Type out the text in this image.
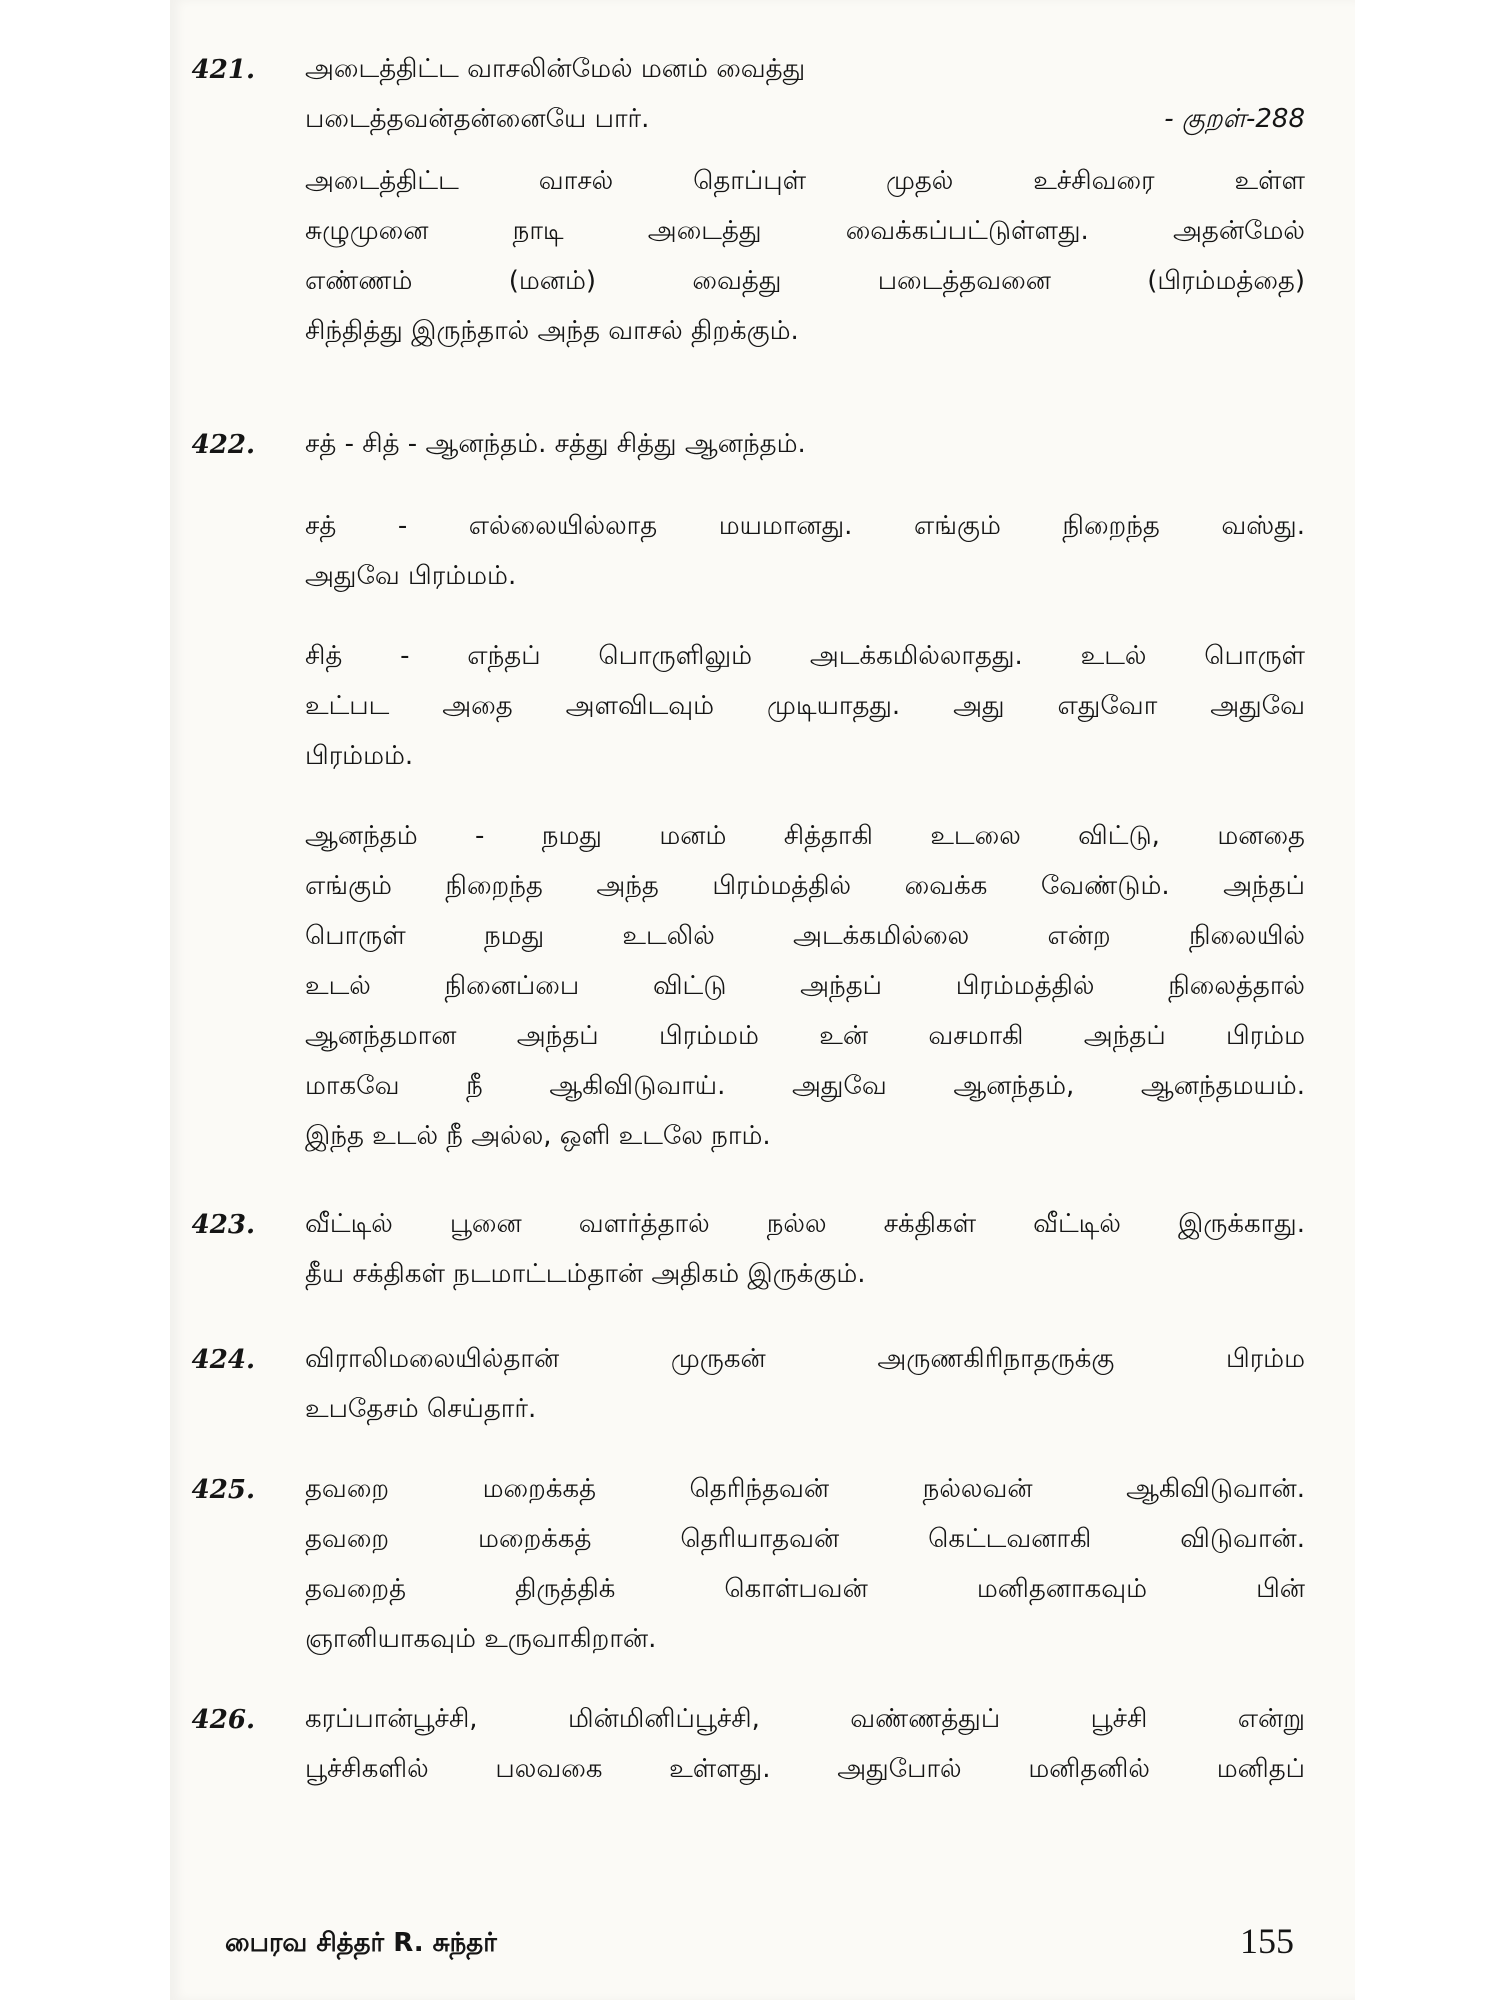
421. அடைத்திட்ட வாசலின்மேல் மனம் வைத்து
படைத்தவன்தன்னையே பார்.	- குறள்-288
அடைத்திட்ட வாசல் தொப்புள் முதல் உச்சிவரை உள்ள
சுழுமுனை நாடி அடைத்து வைக்கப்பட்டுள்ளது. அதன்மேல்
எண்ணம் (மனம்) வைத்து படைத்தவனை (பிரம்மத்தை)
சிந்தித்து இருந்தால் அந்த வாசல் திறக்கும்.
422. சத் - சித் - ஆனந்தம். சத்து சித்து ஆனந்தம்.
சத் - எல்லையில்லாத மயமானது. எங்கும் நிறைந்த வஸ்து.
அதுவே பிரம்மம்.
சித் - எந்தப் பொருளிலும் அடக்கமில்லாதது. உடல் பொருள்
உட்பட அதை அளவிடவும் முடியாதது. அது எதுவோ அதுவே
பிரம்மம்.
ஆனந்தம் - நமது மனம் சித்தாகி உடலை விட்டு, மனதை
எங்கும் நிறைந்த அந்த பிரம்மத்தில் வைக்க வேண்டும். அந்தப்
பொருள் நமது உடலில் அடக்கமில்லை என்ற நிலையில்
உடல் நினைப்பை விட்டு அந்தப் பிரம்மத்தில் நிலைத்தால்
ஆனந்தமான அந்தப் பிரம்மம் உன் வசமாகி அந்தப் பிரம்ம
மாகவே நீ ஆகிவிடுவாய். அதுவே ஆனந்தம், ஆனந்தமயம்.
இந்த உடல் நீ அல்ல, ஒளி உடலே நாம்.
423. வீட்டில் பூனை வளர்த்தால் நல்ல சக்திகள் வீட்டில் இருக்காது.
தீய சக்திகள் நடமாட்டம்தான் அதிகம் இருக்கும்.
424. விராலிமலையில்தான் முருகன் அருணகிரிநாதருக்கு பிரம்ம
உபதேசம் செய்தார்.
425. தவறை மறைக்கத் தெரிந்தவன் நல்லவன் ஆகிவிடுவான்.
தவறை மறைக்கத் தெரியாதவன் கெட்டவனாகி விடுவான்.
தவறைத் திருத்திக் கொள்பவன் மனிதனாகவும் பின்
ஞானியாகவும் உருவாகிறான்.
426. கரப்பான்பூச்சி, மின்மினிப்பூச்சி, வண்ணத்துப் பூச்சி என்று
பூச்சிகளில் பலவகை உள்ளது. அதுபோல் மனிதனில் மனிதப்
பைரவ சித்தர் R. சுந்தர்	155
